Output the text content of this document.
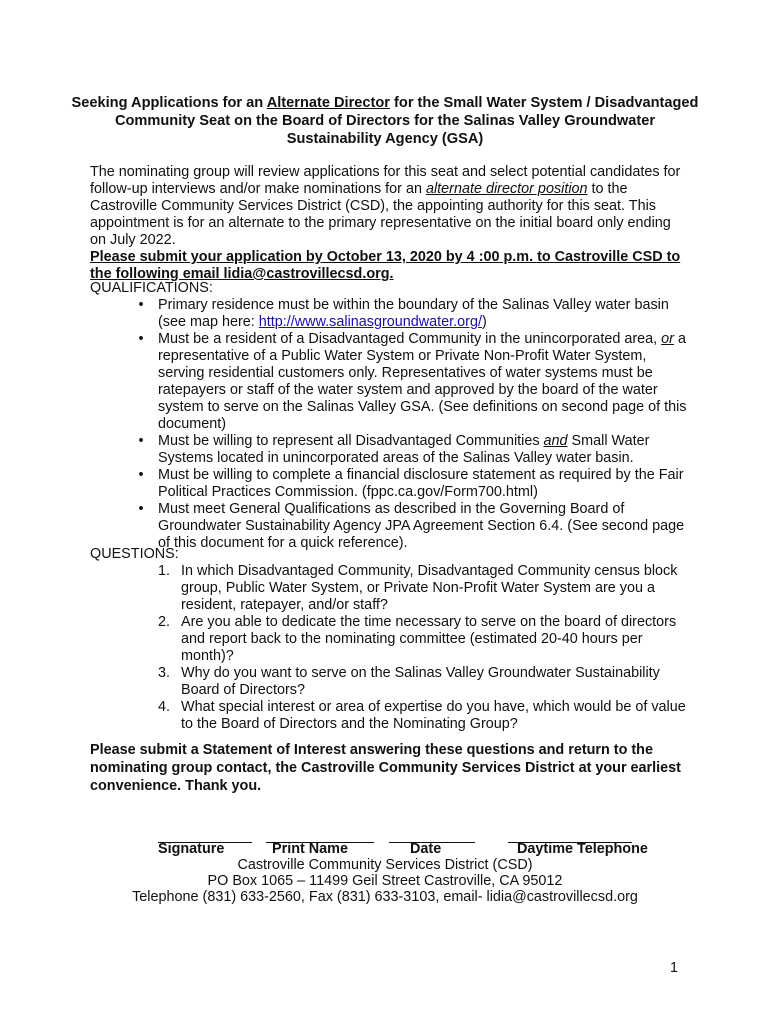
Seeking Applications for an Alternate Director for the Small Water System / Disadvantaged Community Seat on the Board of Directors for the Salinas Valley Groundwater Sustainability Agency (GSA)
The nominating group will review applications for this seat and select potential candidates for follow-up interviews and/or make nominations for an alternate director position to the Castroville Community Services District (CSD), the appointing authority for this seat. This appointment is for an alternate to the primary representative on the initial board only ending on July 2022.
Please submit your application by October 13, 2020 by 4 :00 p.m. to Castroville CSD to the following email lidia@castrovillecsd.org.
QUALIFICATIONS:
• Primary residence must be within the boundary of the Salinas Valley water basin (see map here: http://www.salinasgroundwater.org/)
• Must be a resident of a Disadvantaged Community in the unincorporated area, or a representative of a Public Water System or Private Non-Profit Water System, serving residential customers only. Representatives of water systems must be ratepayers or staff of the water system and approved by the board of the water system to serve on the Salinas Valley GSA. (See definitions on second page of this document)
• Must be willing to represent all Disadvantaged Communities and Small Water Systems located in unincorporated areas of the Salinas Valley water basin.
• Must be willing to complete a financial disclosure statement as required by the Fair Political Practices Commission. (fppc.ca.gov/Form700.html)
• Must meet General Qualifications as described in the Governing Board of Groundwater Sustainability Agency JPA Agreement Section 6.4. (See second page of this document for a quick reference).
QUESTIONS:
1. In which Disadvantaged Community, Disadvantaged Community census block group, Public Water System, or Private Non-Profit Water System are you a resident, ratepayer, and/or staff?
2. Are you able to dedicate the time necessary to serve on the board of directors and report back to the nominating committee (estimated 20-40 hours per month)?
3. Why do you want to serve on the Salinas Valley Groundwater Sustainability Board of Directors?
4. What special interest or area of expertise do you have, which would be of value to the Board of Directors and the Nominating Group?
Please submit a Statement of Interest answering these questions and return to the nominating group contact, the Castroville Community Services District at your earliest convenience. Thank you.
Signature	Print Name	Date	Daytime Telephone
Castroville Community Services District (CSD)
PO Box 1065 – 11499 Geil Street Castroville, CA 95012
Telephone (831) 633-2560, Fax (831) 633-3103, email- lidia@castrovillecsd.org
1
